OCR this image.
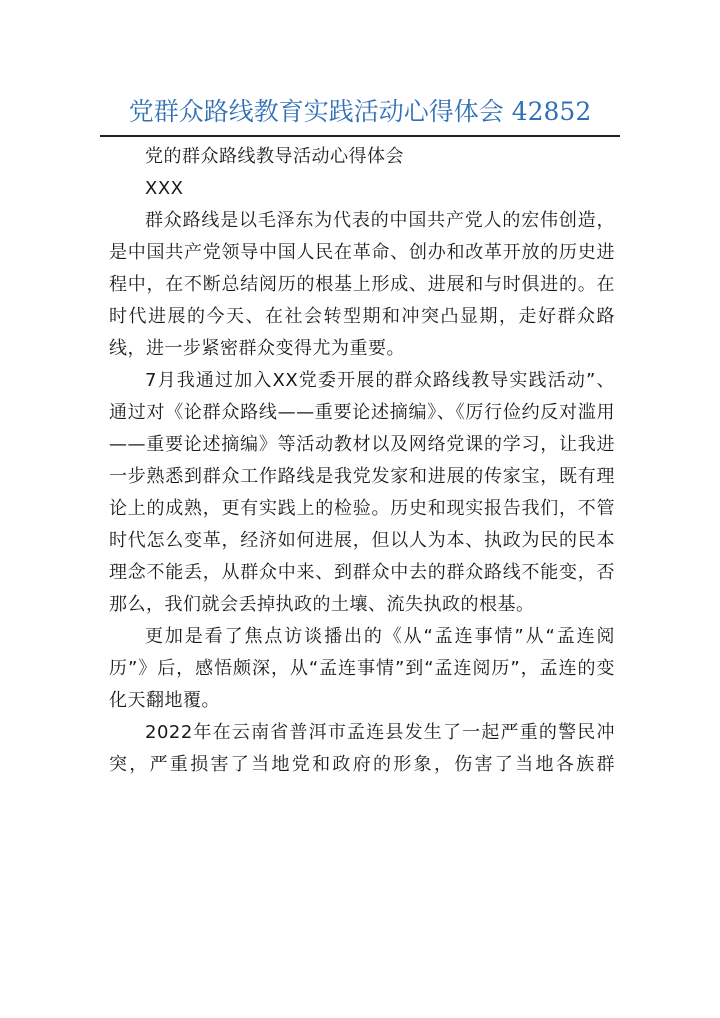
党群众路线教育实践活动心得体会 42852

党的群众路线教导活动心得体会

XXX

群众路线是以毛泽东为代表的中国共产党人的宏伟创造，是中国共产党领导中国人民在革命、创办和改革开放的历史进程中，在不断总结阅历的根基上形成、进展和与时俱进的。在时代进展的今天、在社会转型期和冲突凸显期，走好群众路线，进一步紧密群众变得尤为重要。

7月我通过加入XX党委开展的群众路线教导实践活动”、通过对《论群众路线——重要论述摘编》、《厉行俭约反对滥用——重要论述摘编》等活动教材以及网络党课的学习，让我进一步熟悉到群众工作路线是我党发家和进展的传家宝，既有理论上的成熟，更有实践上的检验。历史和现实报告我们，不管时代怎么变革，经济如何进展，但以人为本、执政为民的民本理念不能丢，从群众中来、到群众中去的群众路线不能变，否那么，我们就会丢掉执政的土壤、流失执政的根基。

更加是看了焦点访谈播出的《从“孟连事情”从“孟连阅历”》后，感悟颇深，从“孟连事情”到“孟连阅历”，孟连的变化天翻地覆。

2022年在云南省普洱市孟连县发生了一起严重的警民冲突，严重损害了当地党和政府的形象，伤害了当地各族群
